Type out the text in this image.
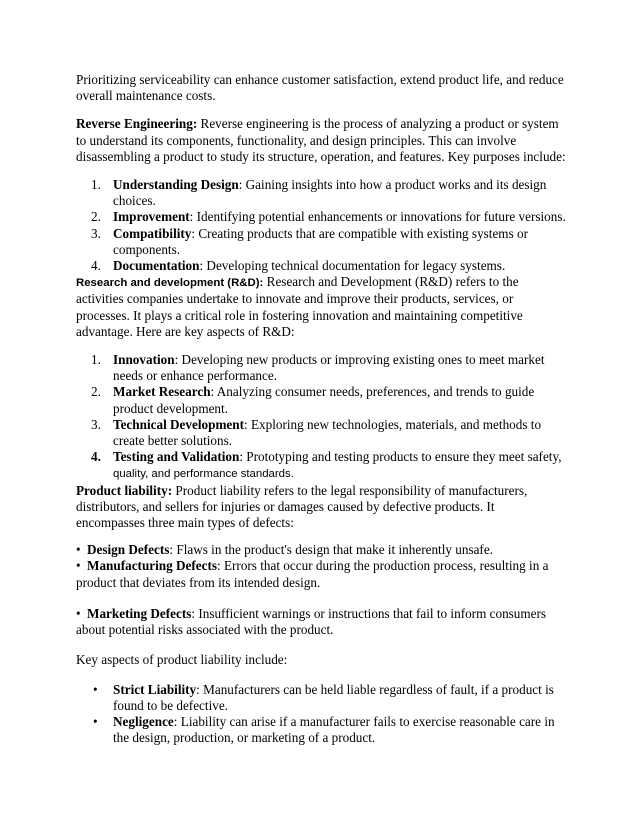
Prioritizing serviceability can enhance customer satisfaction, extend product life, and reduce overall maintenance costs.

Reverse Engineering: Reverse engineering is the process of analyzing a product or system to understand its components, functionality, and design principles. This can involve disassembling a product to study its structure, operation, and features. Key purposes include:

1. Understanding Design: Gaining insights into how a product works and its design choices.
2. Improvement: Identifying potential enhancements or innovations for future versions.
3. Compatibility: Creating products that are compatible with existing systems or components.
4. Documentation: Developing technical documentation for legacy systems.

Research and development (R&D): Research and Development (R&D) refers to the activities companies undertake to innovate and improve their products, services, or processes. It plays a critical role in fostering innovation and maintaining competitive advantage. Here are key aspects of R&D:

1. Innovation: Developing new products or improving existing ones to meet market needs or enhance performance.
2. Market Research: Analyzing consumer needs, preferences, and trends to guide product development.
3. Technical Development: Exploring new technologies, materials, and methods to create better solutions.
4. Testing and Validation: Prototyping and testing products to ensure they meet safety,
quality, and performance standards.

Product liability: Product liability refers to the legal responsibility of manufacturers, distributors, and sellers for injuries or damages caused by defective products. It encompasses three main types of defects:

• Design Defects: Flaws in the product's design that make it inherently unsafe.

• Manufacturing Defects: Errors that occur during the production process, resulting in a product that deviates from its intended design.

• Marketing Defects: Insufficient warnings or instructions that fail to inform consumers about potential risks associated with the product.

Key aspects of product liability include:

• Strict Liability: Manufacturers can be held liable regardless of fault, if a product is found to be defective.
• Negligence: Liability can arise if a manufacturer fails to exercise reasonable care in the design, production, or marketing of a product.
